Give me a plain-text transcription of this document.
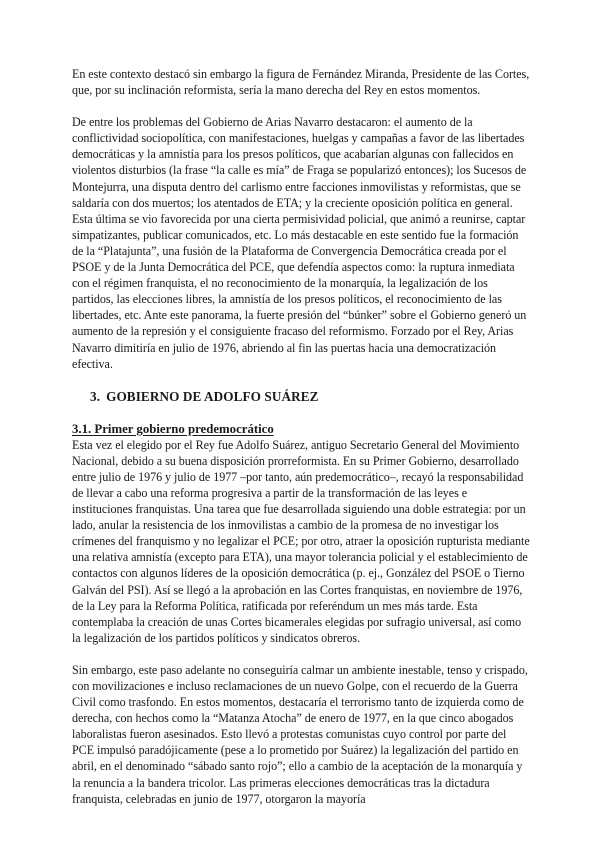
En este contexto destacó sin embargo la figura de Fernández Miranda, Presidente de las Cortes, que, por su inclinación reformista, sería la mano derecha del Rey en estos momentos.

De entre los problemas del Gobierno de Arias Navarro destacaron: el aumento de la conflictividad sociopolítica, con manifestaciones, huelgas y campañas a favor de las libertades democráticas y la amnistía para los presos políticos, que acabarían algunas con fallecidos en violentos disturbios (la frase “la calle es mía” de Fraga se popularizó entonces); los Sucesos de Montejurra, una disputa dentro del carlismo entre facciones inmovilistas y reformistas, que se saldaría con dos muertos; los atentados de ETA; y la creciente oposición política en general. Esta última se vio favorecida por una cierta permisividad policial, que animó a reunirse, captar simpatizantes, publicar comunicados, etc. Lo más destacable en este sentido fue la formación de la “Platajunta”, una fusión de la Plataforma de Convergencia Democrática creada por el PSOE y de la Junta Democrática del PCE, que defendía aspectos como: la ruptura inmediata con el régimen franquista, el no reconocimiento de la monarquía, la legalización de los partidos, las elecciones libres, la amnistía de los presos políticos, el reconocimiento de las libertades, etc. Ante este panorama, la fuerte presión del “búnker” sobre el Gobierno generó un aumento de la represión y el consiguiente fracaso del reformismo. Forzado por el Rey, Arias Navarro dimitiría en julio de 1976, abriendo al fin las puertas hacia una democratización efectiva.

3. GOBIERNO DE ADOLFO SUÁREZ
3.1. Primer gobierno predemocrático

Esta vez el elegido por el Rey fue Adolfo Suárez, antiguo Secretario General del Movimiento Nacional, debido a su buena disposición prorreformista. En su Primer Gobierno, desarrollado entre julio de 1976 y julio de 1977 –por tanto, aún predemocrático–, recayó la responsabilidad de llevar a cabo una reforma progresiva a partir de la transformación de las leyes e instituciones franquistas. Una tarea que fue desarrollada siguiendo una doble estrategia: por un lado, anular la resistencia de los inmovilistas a cambio de la promesa de no investigar los crímenes del franquismo y no legalizar el PCE; por otro, atraer la oposición rupturista mediante una relativa amnistía (excepto para ETA), una mayor tolerancia policial y el establecimiento de contactos con algunos líderes de la oposición democrática (p. ej., González del PSOE o Tierno Galván del PSI). Así se llegó a la aprobación en las Cortes franquistas, en noviembre de 1976, de la Ley para la Reforma Política, ratificada por referéndum un mes más tarde. Esta contemplaba la creación de unas Cortes bicamerales elegidas por sufragio universal, así como la legalización de los partidos políticos y sindicatos obreros.

Sin embargo, este paso adelante no conseguiría calmar un ambiente inestable, tenso y crispado, con movilizaciones e incluso reclamaciones de un nuevo Golpe, con el recuerdo de la Guerra Civil como trasfondo. En estos momentos, destacaría el terrorismo tanto de izquierda como de derecha, con hechos como la “Matanza Atocha” de enero de 1977, en la que cinco abogados laboralistas fueron asesinados. Esto llevó a protestas comunistas cuyo control por parte del PCE impulsó paradójicamente (pese a lo prometido por Suárez) la legalización del partido en abril, en el denominado “sábado santo rojo”; ello a cambio de la aceptación de la monarquía y la renuncia a la bandera tricolor. Las primeras elecciones democráticas tras la dictadura franquista, celebradas en junio de 1977, otorgaron la mayoría
